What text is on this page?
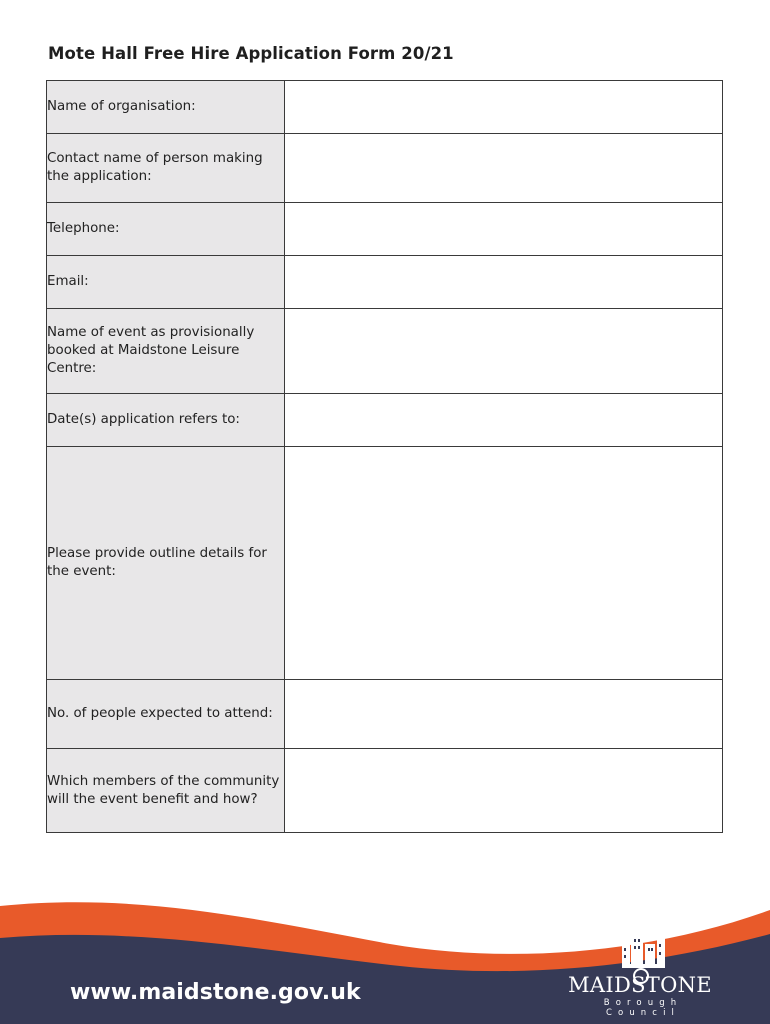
Mote Hall Free Hire Application Form 20/21
Name of organisation:	
Contact name of person making the application:	
Telephone:	
Email:	
Name of event as provisionally booked at Maidstone Leisure Centre:	
Date(s) application refers to:	
Please provide outline details for the event:	
No. of people expected to attend:	
Which members of the community will the event benefit and how?	
www.maidstone.gov.uk	MAIDSTONE
Borough Council
